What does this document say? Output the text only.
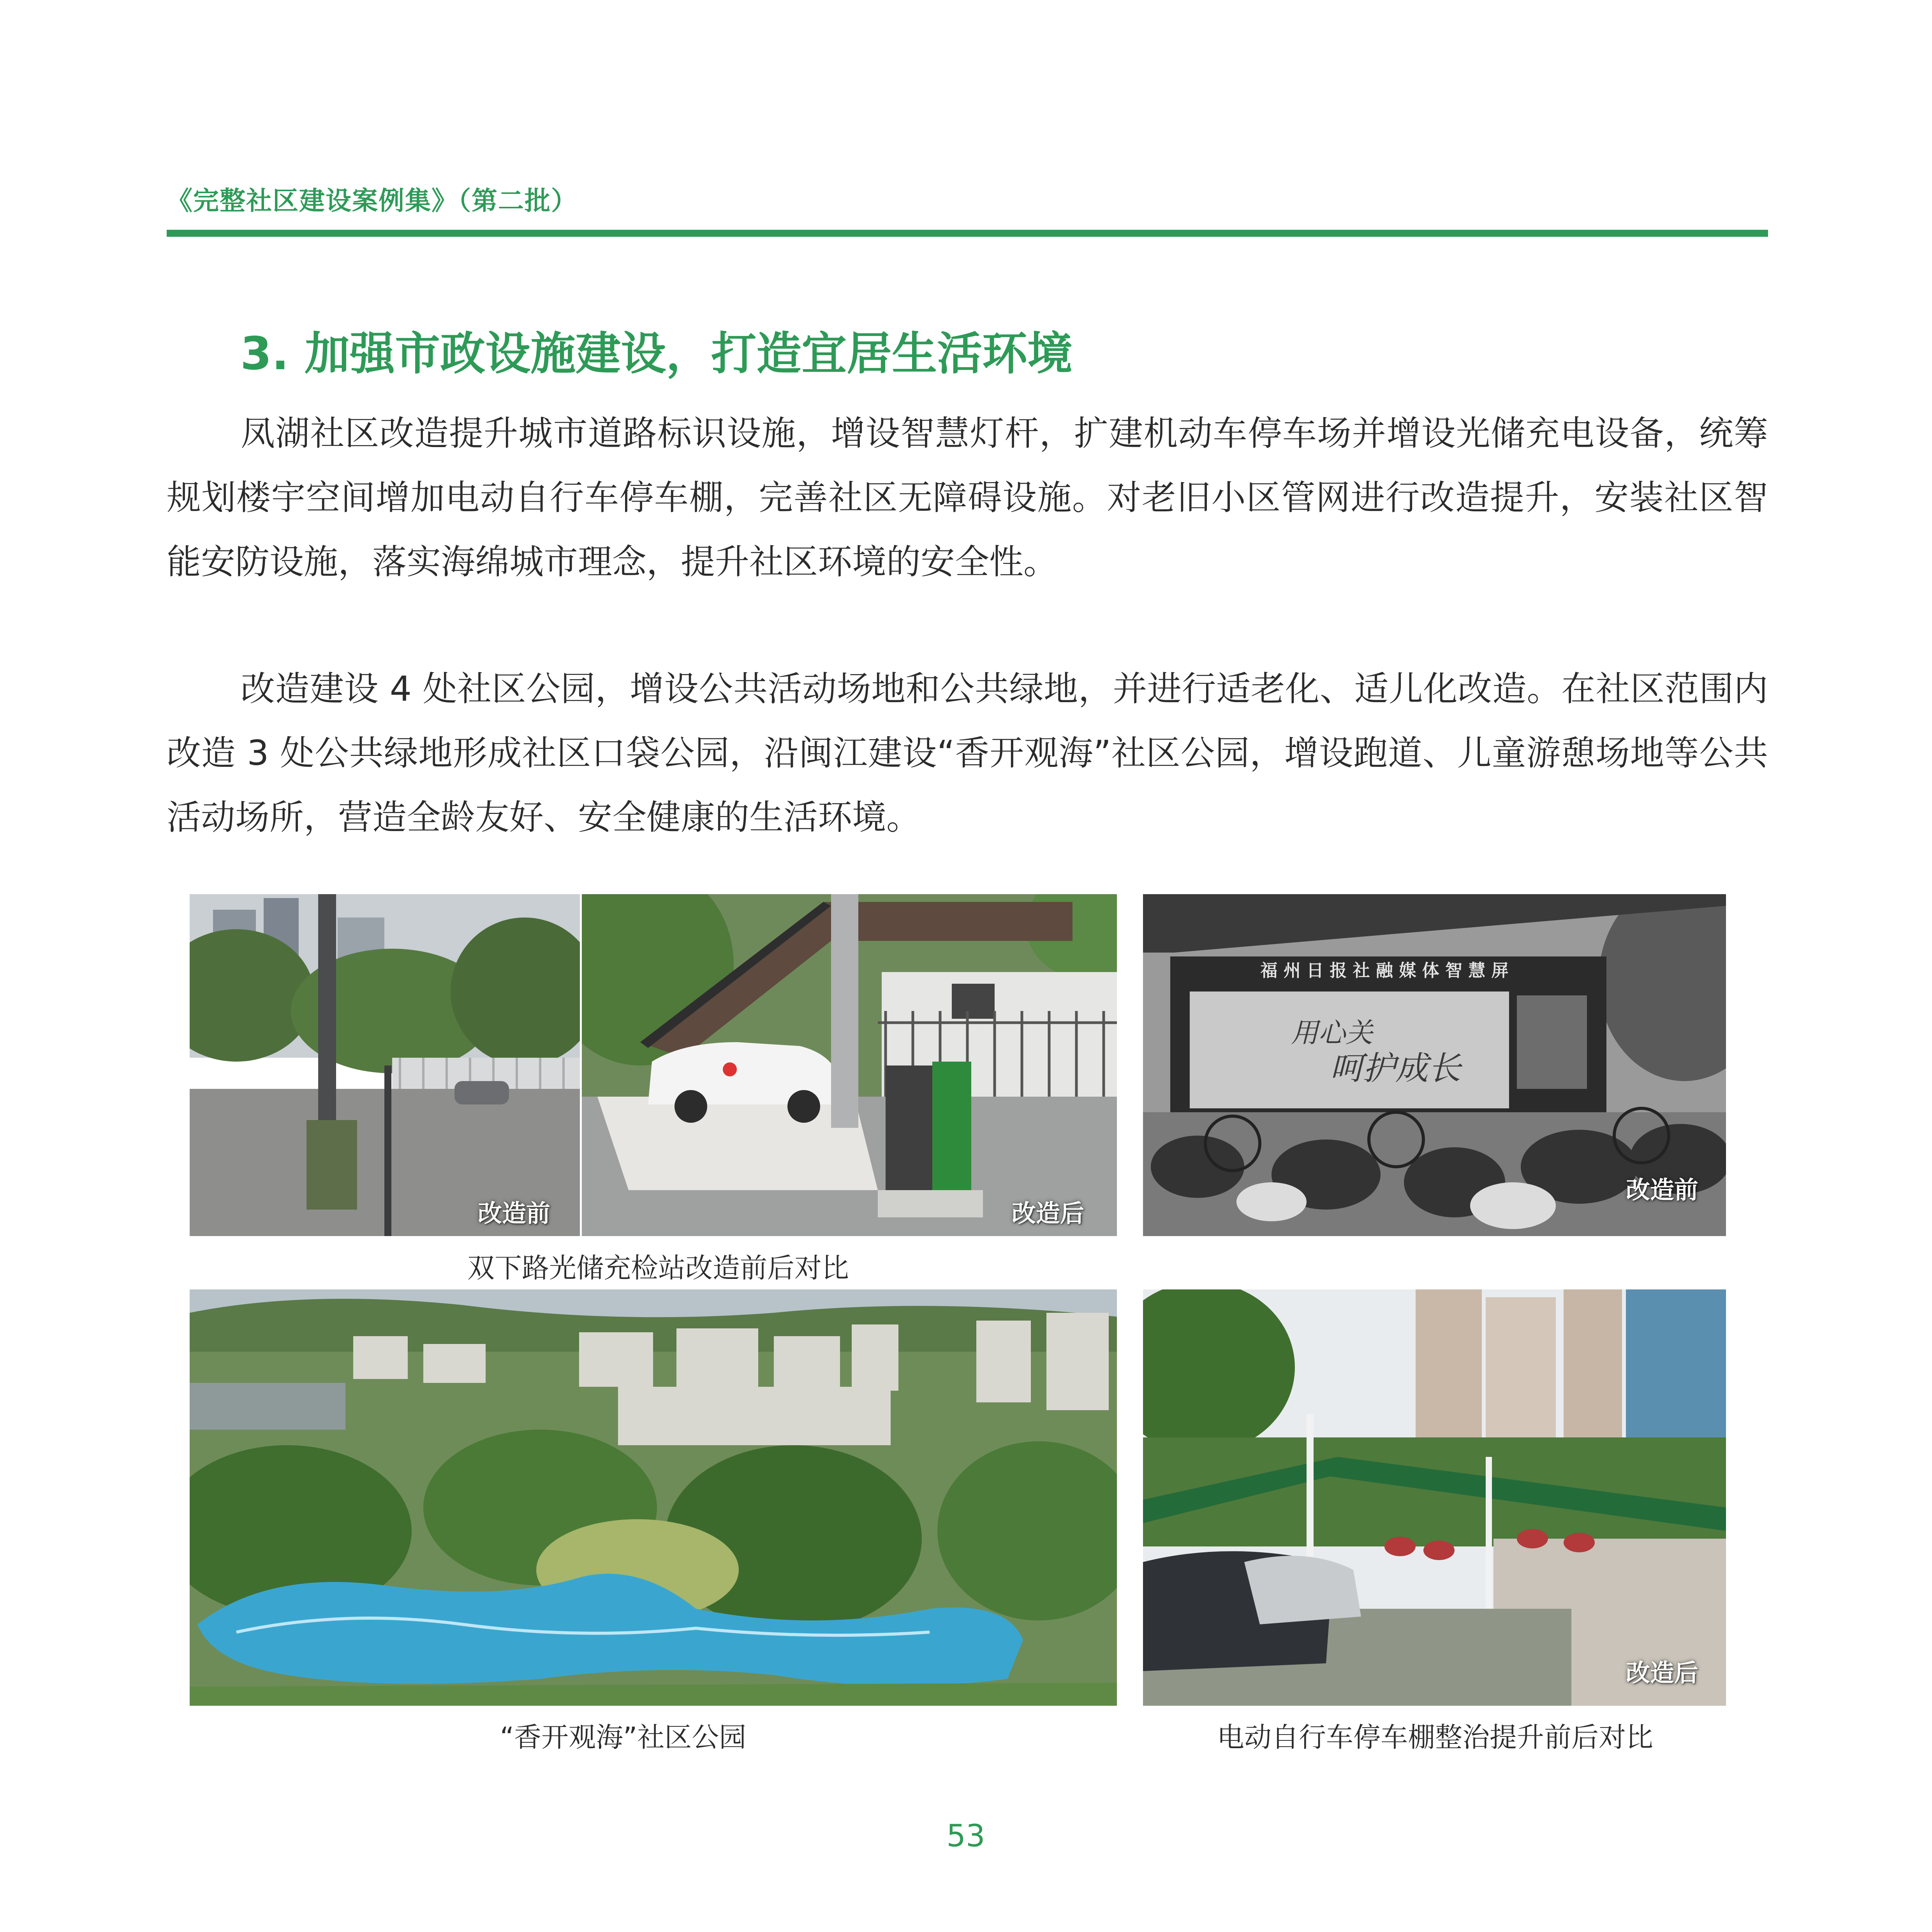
《完整社区建设案例集》（第二批）
3. 加强市政设施建设，打造宜居生活环境
凤湖社区改造提升城市道路标识设施，增设智慧灯杆，扩建机动车停车场并增设光储充电设备，统筹规划楼宇空间增加电动自行车停车棚，完善社区无障碍设施。对老旧小区管网进行改造提升，安装社区智能安防设施，落实海绵城市理念，提升社区环境的安全性。
改造建设 4 处社区公园，增设公共活动场地和公共绿地，并进行适老化、适儿化改造。在社区范围内改造 3 处公共绿地形成社区口袋公园，沿闽江建设“香开观海”社区公园，增设跑道、儿童游憩场地等公共活动场所，营造全龄友好、安全健康的生活环境。
改造前	改造后
双下路光储充检站改造前后对比
福 州 日 报 社 融 媒 体 智 慧 屏
用心关
呵护成长
改造前
“香开观海”社区公园
改造后
电动自行车停车棚整治提升前后对比
53
